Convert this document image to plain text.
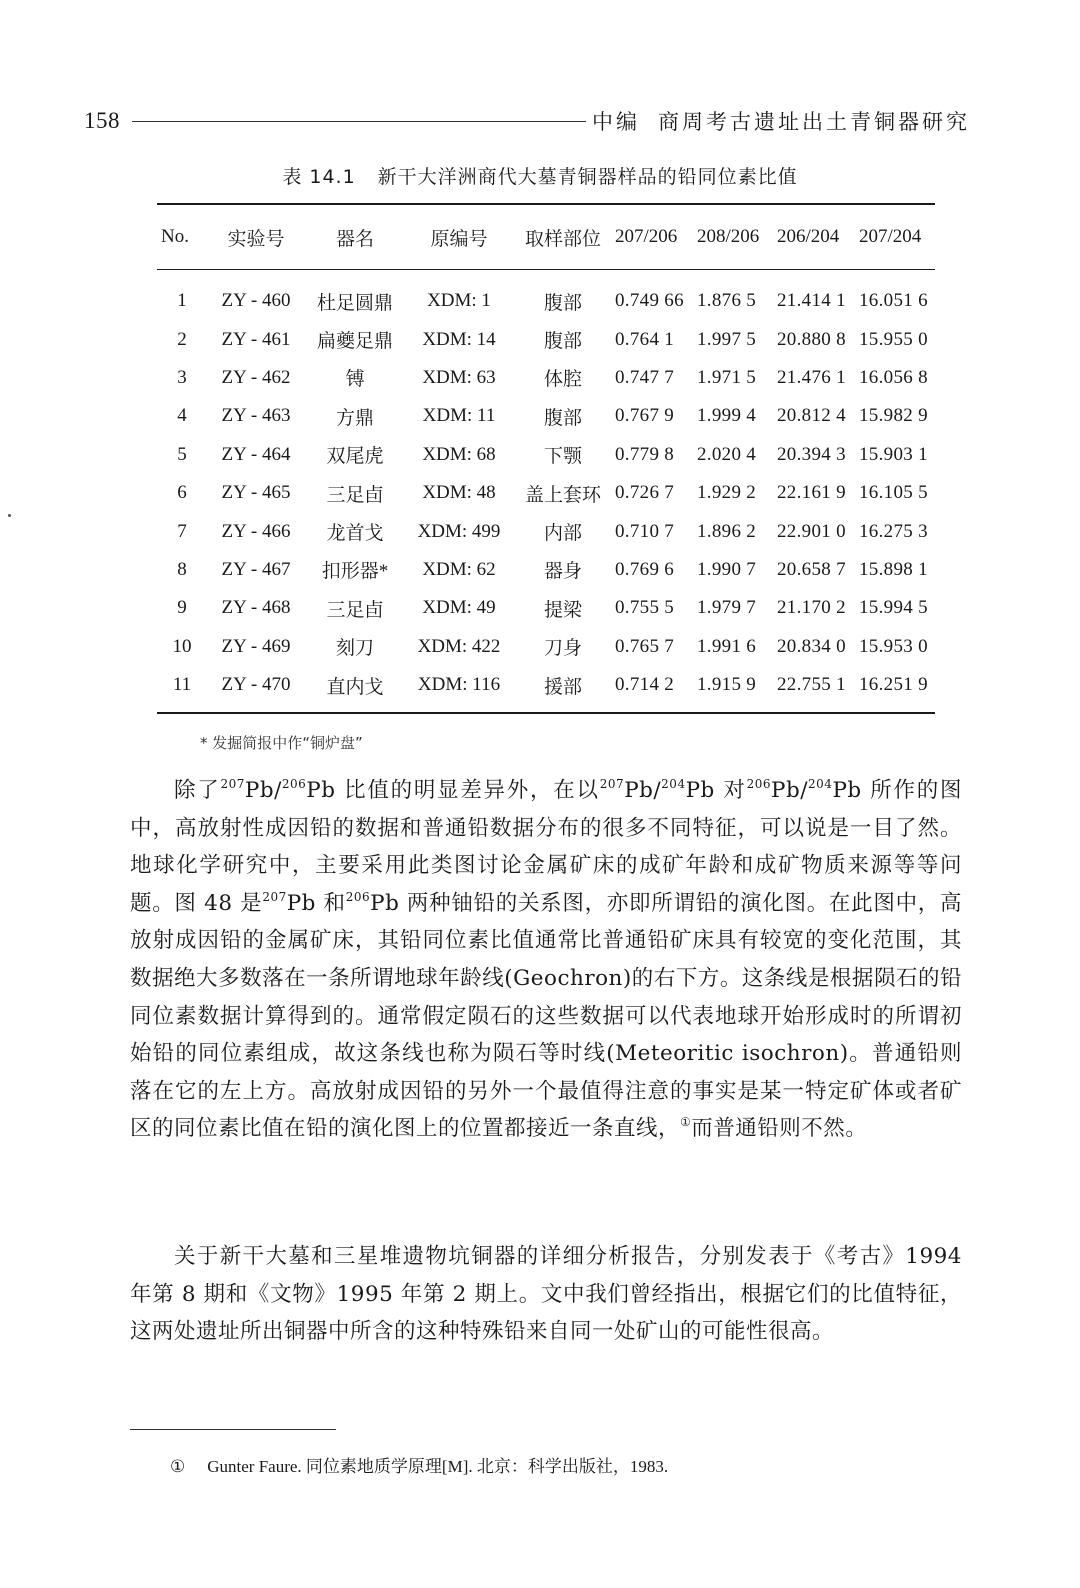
158	中编 商周考古遗址出土青铜器研究
表 14.1 新干大洋洲商代大墓青铜器样品的铅同位素比值
No.	实验号	器名	原编号	取样部位	207/206	208/206	206/204	207/204
1	ZY - 460	杜足圆鼎	XDM: 1	腹部	0.749 66	1.876 5	21.414 1	16.051 6
2	ZY - 461	扁夔足鼎	XDM: 14	腹部	0.764 1	1.997 5	20.880 8	15.955 0
3	ZY - 462	镈	XDM: 63	体腔	0.747 7	1.971 5	21.476 1	16.056 8
4	ZY - 463	方鼎	XDM: 11	腹部	0.767 9	1.999 4	20.812 4	15.982 9
5	ZY - 464	双尾虎	XDM: 68	下颚	0.779 8	2.020 4	20.394 3	15.903 1
6	ZY - 465	三足卣	XDM: 48	盖上套环	0.726 7	1.929 2	22.161 9	16.105 5
7	ZY - 466	龙首戈	XDM: 499	内部	0.710 7	1.896 2	22.901 0	16.275 3
8	ZY - 467	扣形器*	XDM: 62	器身	0.769 6	1.990 7	20.658 7	15.898 1
9	ZY - 468	三足卣	XDM: 49	提梁	0.755 5	1.979 7	21.170 2	15.994 5
10	ZY - 469	刻刀	XDM: 422	刀身	0.765 7	1.991 6	20.834 0	15.953 0
11	ZY - 470	直内戈	XDM: 116	援部	0.714 2	1.915 9	22.755 1	16.251 9
* 发掘简报中作“铜炉盘”

除了$^{207}$Pb/$^{206}$Pb 比值的明显差异外，在以$^{207}$Pb/$^{204}$Pb 对$^{206}$Pb/$^{204}$Pb 所作的图中，高放射性成因铅的数据和普通铅数据分布的很多不同特征，可以说是一目了然。地球化学研究中，主要采用此类图讨论金属矿床的成矿年龄和成矿物质来源等等问题。图 48 是$^{207}$Pb 和$^{206}$Pb 两种铀铅的关系图，亦即所谓铅的演化图。在此图中，高放射成因铅的金属矿床，其铅同位素比值通常比普通铅矿床具有较宽的变化范围，其数据绝大多数落在一条所谓地球年龄线(Geochron)的右下方。这条线是根据陨石的铅同位素数据计算得到的。通常假定陨石的这些数据可以代表地球开始形成时的所谓初始铅的同位素组成，故这条线也称为陨石等时线(Meteoritic isochron)。普通铅则落在它的左上方。高放射成因铅的另外一个最值得注意的事实是某一特定矿体或者矿区的同位素比值在铅的演化图上的位置都接近一条直线，①而普通铅则不然。

关于新干大墓和三星堆遗物坑铜器的详细分析报告，分别发表于《考古》1994 年第 8 期和《文物》1995 年第 2 期上。文中我们曾经指出，根据它们的比值特征，这两处遗址所出铜器中所含的这种特殊铅来自同一处矿山的可能性很高。

① Gunter Faure. 同位素地质学原理[M]. 北京：科学出版社，1983.
